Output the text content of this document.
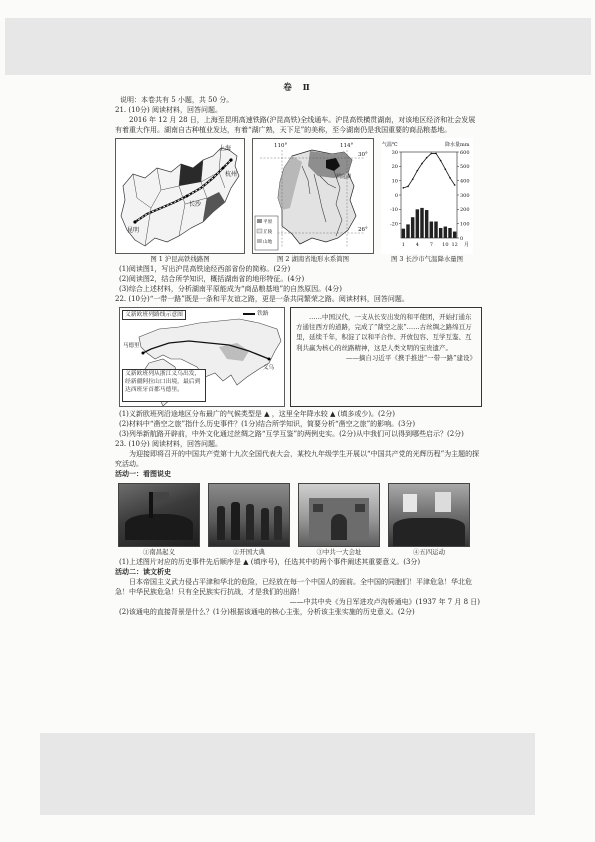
卷 Ⅱ

说明：本卷共有 5 小题，共 50 分。

21. (10分) 阅读材料，回答问题。

2016 年 12 月 28 日，上海至昆明高速铁路(沪昆高铁)全线通车。沪昆高铁横贯湖南，对该地区经济和社会发展有着重大作用。湖南自古种植业发达，有着“湖广熟，天下足”的美称，至今湖南仍是我国重要的商品粮基地。

上海
杭州
长沙
昆明
图 1 沪昆高铁线路图
110°	114°
30°
26°
洞庭湖
平原
丘陵
山地
图 2 湖南省地形水系简图
气温℃	降水量mm
30
20
10
0
-10
-20
600
500
400
300
200
100
0
1 4 7 10 12 月
图 3 长沙市气温降水量图

(1)阅读图1，写出沪昆高铁途经西部省份的简称。(2分)

(2)阅读图2，结合所学知识，概括湖南省的地形特征。(4分)

(3)综合上述材料，分析湖南平原能成为“商品粮基地”的自然原因。(4分)

22. (10分)“一带一路”既是一条和平友谊之路，更是一条共同繁荣之路。阅读材料，回答问题。

义乌
马德里
义新欧班列路线示意图	铁路
义新欧班列从浙江义乌出发，经新疆阿拉山口出境，最后到达西班牙首都马德里。
……中国汉代，一支从长安出发的和平使团，开始打通东方通往西方的道路，完成了“凿空之旅”……古丝绸之路绵亘万里，延续千年，积淀了以和平合作、开放包容、互学互鉴、互利共赢为核心的丝路精神，这是人类文明的宝贵遗产。
——摘自习近平《携手推进“一带一路”建设》

(1)义新欧班列沿途地区分布最广的气候类型是 ▲ ，这里全年降水较 ▲ (填多或少)。(2分)

(2)材料中“凿空之旅”指什么历史事件？(1分)结合所学知识，简要分析“凿空之旅”的影响。(3分)

(3)列举新航路开辟前，中外文化通过丝绸之路“互学互鉴”的两例史实。(2分)从中我们可以得到哪些启示？(2分)

23. (10分) 阅读材料，回答问题。

为迎接即将召开的中国共产党第十九次全国代表大会，某校九年级学生开展以“中国共产党的光辉历程”为主题的探究活动。

活动一：看图说史

①南昌起义	②开国大典	③中共一大会址	④五四运动

(1)上述图片对应的历史事件先后顺序是 ▲ (填序号)，任选其中的两个事件阐述其重要意义。(3分)

活动二：读文析史

日本帝国主义武力侵占平津和华北的危险，已经放在每一个中国人的面前。全中国的同胞们！平津危急！华北危急！中华民族危急！只有全民族实行抗战，才是我们的出路！

——中共中央《为日军进攻卢沟桥通电》(1937 年 7 月 8 日)

(2)该通电的直接背景是什么？(1分)根据该通电的核心主张，分析该主张实施的历史意义。(2分)
